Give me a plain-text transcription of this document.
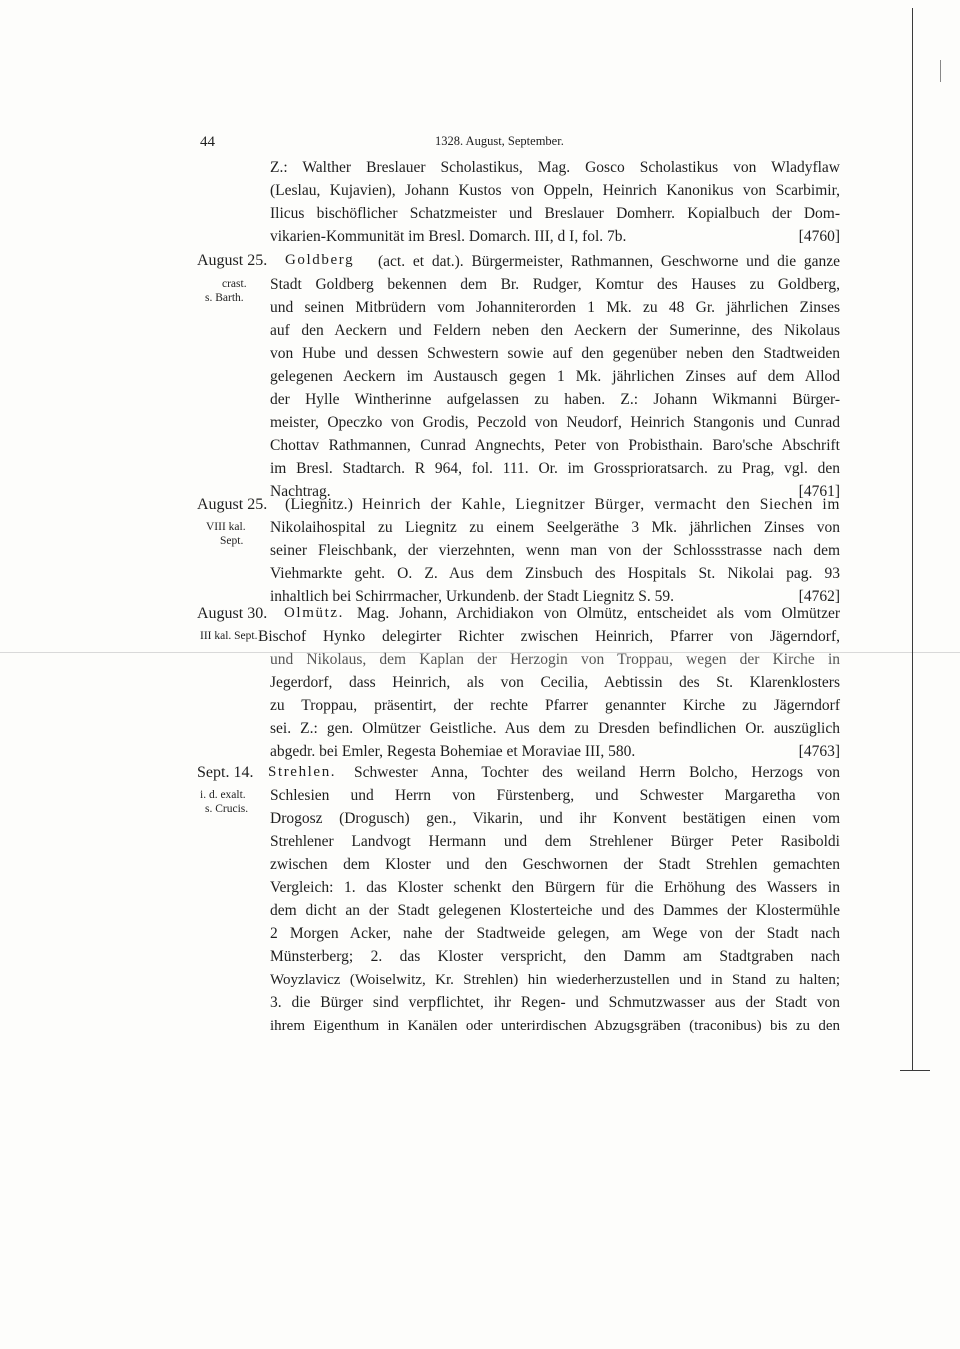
44	1328. August, September.
Z.: Walther Breslauer Scholastikus, Mag. Gosco Scholastikus von Wladyflaw
(Leslau, Kujavien), Johann Kustos von Oppeln, Heinrich Kanonikus von Scarbimir,
Ilicus bischöflicher Schatzmeister und Breslauer Domherr. Kopialbuch der Dom-
vikarien-Kommunität im Bresl. Domarch. III, d I, fol. 7b.	[4760]
August 25. Goldberg (act. et dat.). Bürgermeister, Rathmannen, Geschworne und die ganze
crast.
s. Barth.
Stadt Goldberg bekennen dem Br. Rudger, Komtur des Hauses zu Goldberg,
und seinen Mitbrüdern vom Johanniterorden 1 Mk. zu 48 Gr. jährlichen Zinses
auf den Aeckern und Feldern neben den Aeckern der Sumerinne, des Nikolaus
von Hube und dessen Schwestern sowie auf den gegenüber neben den Stadtweiden
gelegenen Aeckern im Austausch gegen 1 Mk. jährlichen Zinses auf dem Allod
der Hylle Wintherinne aufgelassen zu haben. Z.: Johann Wikmanni Bürger-
meister, Opeczko von Grodis, Peczold von Neudorf, Heinrich Stangonis und Cunrad
Chottav Rathmannen, Cunrad Angnechts, Peter von Probisthain. Baro'sche Abschrift
im Bresl. Stadtarch. R 964, fol. 111. Or. im Grossprioratsarch. zu Prag, vgl. den
Nachtrag.	[4761]
August 25. (Liegnitz.) Heinrich der Kahle, Liegnitzer Bürger, vermacht den Siechen im
VIII kal.
Sept.
Nikolaihospital zu Liegnitz zu einem Seelgeräthe 3 Mk. jährlichen Zinses von
seiner Fleischbank, der vierzehnten, wenn man von der Schlossstrasse nach dem
Viehmarkte geht. O. Z. Aus dem Zinsbuch des Hospitals St. Nikolai pag. 93
inhaltlich bei Schirrmacher, Urkundenb. der Stadt Liegnitz S. 59.	[4762]
August 30. Olmütz. Mag. Johann, Archidiakon von Olmütz, entscheidet als vom Olmützer
III kal. Sept. Bischof Hynko delegirter Richter zwischen Heinrich, Pfarrer von Jägerndorf,
und Nikolaus, dem Kaplan der Herzogin von Troppau, wegen der Kirche in
Jegerdorf, dass Heinrich, als von Cecilia, Aebtissin des St. Klarenklosters
zu Troppau, präsentirt, der rechte Pfarrer genannter Kirche zu Jägerndorf
sei. Z.: gen. Olmützer Geistliche. Aus dem zu Dresden befindlichen Or. auszüglich
abgedr. bei Emler, Regesta Bohemiae et Moraviae III, 580.	[4763]
Sept. 14. Strehlen. Schwester Anna, Tochter des weiland Herrn Bolcho, Herzogs von
i. d. exalt.
s. Crucis.
Schlesien und Herrn von Fürstenberg, und Schwester Margaretha von
Drogosz (Drogusch) gen., Vikarin, und ihr Konvent bestätigen einen vom
Strehlener Landvogt Hermann und dem Strehlener Bürger Peter Rasiboldi
zwischen dem Kloster und den Geschwornen der Stadt Strehlen gemachten
Vergleich: 1. das Kloster schenkt den Bürgern für die Erhöhung des Wassers in
dem dicht an der Stadt gelegenen Klosterteiche und des Dammes der Klostermühle
2 Morgen Acker, nahe der Stadtweide gelegen, am Wege von der Stadt nach
Münsterberg; 2. das Kloster verspricht, den Damm am Stadtgraben nach
Woyzlavicz (Woiselwitz, Kr. Strehlen) hin wiederherzustellen und in Stand zu halten;
3. die Bürger sind verpflichtet, ihr Regen- und Schmutzwasser aus der Stadt von
ihrem Eigenthum in Kanälen oder unterirdischen Abzugsgräben (traconibus) bis zu den
